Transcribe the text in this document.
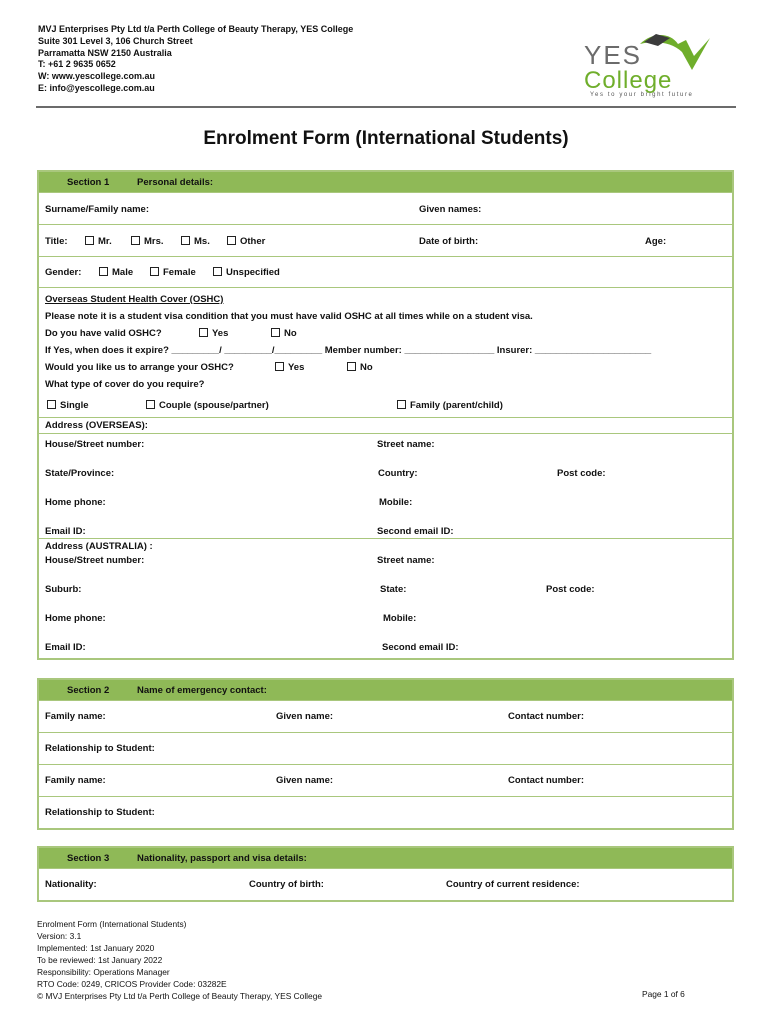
MVJ Enterprises Pty Ltd t/a Perth College of Beauty Therapy, YES College
Suite 301 Level 3, 106 Church Street
Parramatta NSW 2150 Australia
T: +61 2 9635 0652
W: www.yescollege.com.au
E: info@yescollege.com.au
YES
College
Yes to your bright future
Enrolment Form (International Students)
Section 1	Personal details:
Surname/Family name:	Given names:
Title:	Mr.	Mrs.	Ms.	Other	Date of birth:	Age:
Gender:	Male	Female	Unspecified
Overseas Student Health Cover (OSHC)
Please note it is a student visa condition that you must have valid OSHC at all times while on a student visa.
Do you have valid OSHC?	Yes	No
If Yes, when does it expire? _________/ _________/_________ Member number: _________________ Insurer: ______________________
Would you like us to arrange your OSHC?	Yes	No
What type of cover do you require?
Single	Couple (spouse/partner)	Family (parent/child)
Address (OVERSEAS):
House/Street number:	Street name:
State/Province:	Country:	Post code:
Home phone:	Mobile:
Email ID:	Second email ID:
Address (AUSTRALIA) :
House/Street number:	Street name:
Suburb:	State:	Post code:
Home phone:	Mobile:
Email ID:	Second email ID:
Section 2	Name of emergency contact:
Family name:	Given name:	Contact number:
Relationship to Student:
Family name:	Given name:	Contact number:
Relationship to Student:
Section 3	Nationality, passport and visa details:
Nationality:	Country of birth:	Country of current residence:
Enrolment Form (International Students)
Version: 3.1
Implemented: 1st January 2020
To be reviewed: 1st January 2022
Responsibility: Operations Manager
RTO Code: 0249, CRICOS Provider Code: 03282E
© MVJ Enterprises Pty Ltd t/a Perth College of Beauty Therapy, YES College	Page 1 of 6
